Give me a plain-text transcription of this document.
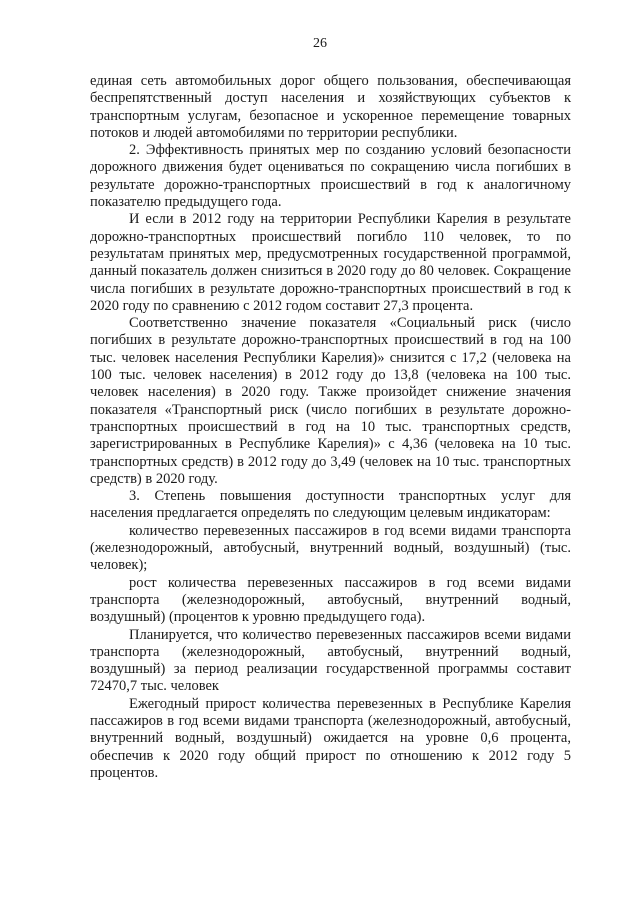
26

единая сеть автомобильных дорог общего пользования, обеспечивающая беспрепятственный доступ населения и хозяйствующих субъектов к транспортным услугам, безопасное и ускоренное перемещение товарных потоков и людей автомобилями по территории республики.

2. Эффективность принятых мер по созданию условий безопасности дорожного движения будет оцениваться по сокращению числа погибших в результате дорожно-транспортных происшествий в год к аналогичному показателю предыдущего года.

И если в 2012 году на территории Республики Карелия в результате дорожно-транспортных происшествий погибло 110 человек, то по результатам принятых мер, предусмотренных государственной программой, данный показатель должен снизиться в 2020 году до 80 человек. Сокращение числа погибших в результате дорожно-транспортных происшествий в год к 2020 году по сравнению с 2012 годом составит 27,3 процента.

Соответственно значение показателя «Социальный риск (число погибших в результате дорожно-транспортных происшествий в год на 100 тыс. человек населения Республики Карелия)» снизится с 17,2 (человека на 100 тыс. человек населения) в 2012 году до 13,8 (человека на 100 тыс. человек населения) в 2020 году. Также произойдет снижение значения показателя «Транспортный риск (число погибших в результате дорожно-транспортных происшествий в год на 10 тыс. транспортных средств, зарегистрированных в Республике Карелия)» с 4,36 (человека на 10 тыс. транспортных средств) в 2012 году до 3,49 (человек на 10 тыс. транспортных средств) в 2020 году.

3. Степень повышения доступности транспортных услуг для населения предлагается определять по следующим целевым индикаторам:

количество перевезенных пассажиров в год всеми видами транспорта (железнодорожный, автобусный, внутренний водный, воздушный) (тыс. человек);

рост количества перевезенных пассажиров в год всеми видами транспорта (железнодорожный, автобусный, внутренний водный, воздушный) (процентов к уровню предыдущего года).

Планируется, что количество перевезенных пассажиров всеми видами транспорта (железнодорожный, автобусный, внутренний водный, воздушный) за период реализации государственной программы составит 72470,7 тыс. человек

Ежегодный прирост количества перевезенных в Республике Карелия пассажиров в год всеми видами транспорта (железнодорожный, автобусный, внутренний водный, воздушный) ожидается на уровне 0,6 процента, обеспечив к 2020 году общий прирост по отношению к 2012 году 5 процентов.
